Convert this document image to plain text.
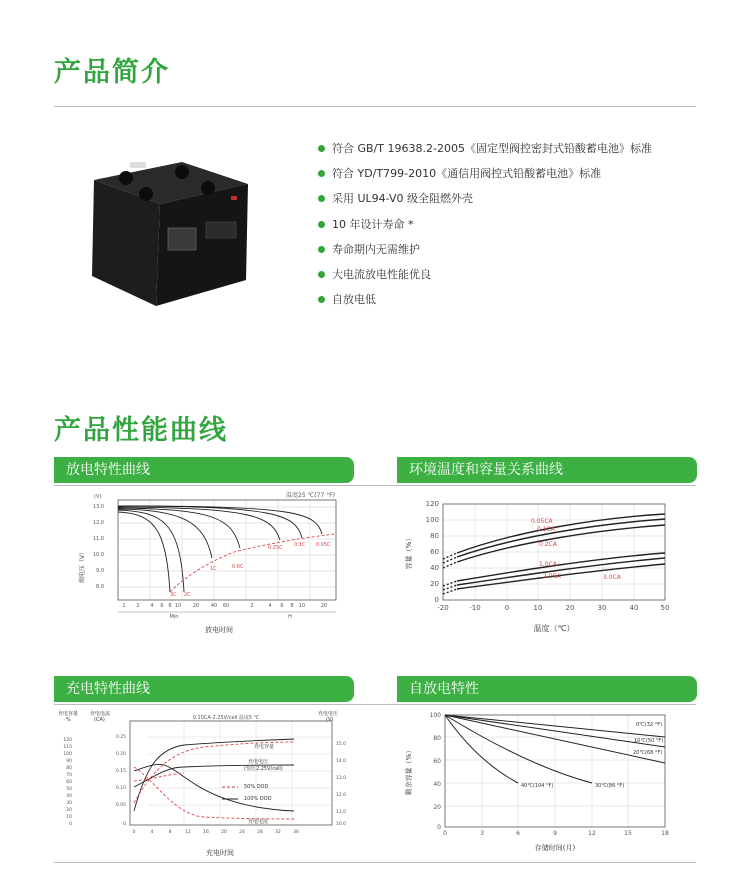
产品简介
符合 GB/T 19638.2-2005《固定型阀控密封式铅酸蓄电池》标准
符合 YD/T799-2010《通信用阀控式铅酸蓄电池》标准
采用 UL94-V0 级全阻燃外壳
10 年设计寿命 *
寿命期内无需维护
大电流放电性能优良
自放电低
产品性能曲线
放电特性曲线	环境温度和容量关系曲线
充电特性曲线	自放电特性
(V)	温度25 ℃(77 °F)
端电压（V）
放电时间
13.0
12.0
11.0
10.0
9.0
8.0
1 2 4 6 8 10 20 40 60	2	4 6 8 10	20
Min	H
0.05C
0.1C
0.25C
0.6C
1C
2C
3C
容量（%）
温度（℃）
120
100
80
60
40
20
0
-20	-10	0	10	20	30	40	50
0.05CA
0.1CA
0.2CA
1.0CA
2.0CA	3.0CA
充电容量
%
充电电流
(CA)
充电电压
(V)
0.10CA-2.25V/cell 温度5 ℃
充电时间
120
110
100
90
80
70
60
50
40
30
20
10
0
0.25
0.20
0.15
0.10
0.05
0
15.0
14.0
13.0
12.0
11.0
10.0
0	4	8	12	16	20	24	28	32	36
充电容量
充电电压
(恒压2.25V/cell)
50% DOD
100% DOD
充电电流
剩余容量（%）
存储时间(月)
100
80
60
40
20
0
0	3	6	9	12	15	18
0℃(32 °F)
10℃(50 °F)
20℃(68 °F)
40℃(104 °F)	30℃(86 °F)
